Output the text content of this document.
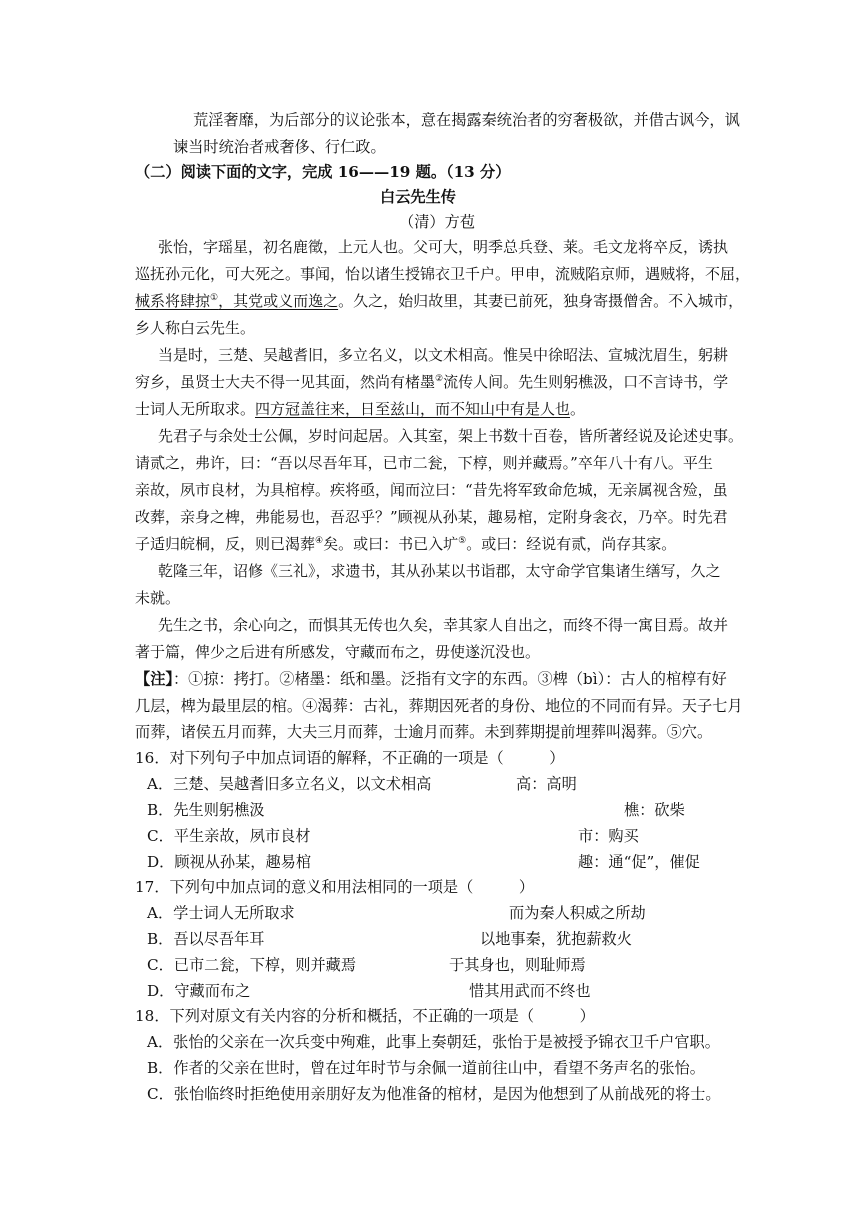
荒淫奢靡，为后部分的议论张本，意在揭露秦统治者的穷奢极欲，并借古讽今，讽
谏当时统治者戒奢侈、行仁政。
（二）阅读下面的文字，完成 16——19 题。（13 分）
白云先生传
（清）方苞
张怡，字瑶星，初名鹿徵，上元人也。父可大，明季总兵登、莱。毛文龙将卒反，诱执
巡抚孙元化，可大死之。事闻，怡以诸生授锦衣卫千户。甲申，流贼陷京师，遇贼将，不屈，
械系将肆掠①，其党或义而逸之。久之，始归故里，其妻已前死，独身寄摄僧舍。不入城市，
乡人称白云先生。
当是时，三楚、吴越耆旧，多立名义，以文术相高。惟吴中徐昭法、宣城沈眉生，躬耕
穷乡，虽贤士大夫不得一见其面，然尚有楮墨②流传人间。先生则躬樵汲，口不言诗书，学
士词人无所取求。四方冠盖往来，日至兹山，而不知山中有是人也。
先君子与余处士公佩，岁时问起居。入其室，架上书数十百卷，皆所著经说及论述史事。
请贰之，弗许，曰：“吾以尽吾年耳，已市二瓮，下椁，则并藏焉。”卒年八十有八。平生
亲故，夙市良材，为具棺椁。疾将亟，闻而泣曰：“昔先将军致命危城，无亲属视含殓，虽
改葬，亲身之椑，弗能易也，吾忍乎？”顾视从孙某，趣易棺，定附身衾衣，乃卒。时先君
子适归皖桐，反，则已渴葬④矣。或曰：书已入圹⑤。或曰：经说有贰，尚存其家。
乾隆三年，诏修《三礼》，求遗书，其从孙某以书诣郡，太守命学官集诸生缮写，久之
未就。
先生之书，余心向之，而惧其无传也久矣，幸其家人自出之，而终不得一寓目焉。故并
著于篇，俾少之后进有所感发，守藏而布之，毋使遂沉没也。
【注】：①掠：拷打。②楮墨：纸和墨。泛指有文字的东西。③椑（bì）：古人的棺椁有好
几层，椑为最里层的棺。④渴葬：古礼，葬期因死者的身份、地位的不同而有异。天子七月
而葬，诸侯五月而葬，大夫三月而葬，士逾月而葬。未到葬期提前埋葬叫渴葬。⑤穴。
16．对下列句子中加点词语的解释，不正确的一项是（　　　）
A．三楚、吴越耆旧多立名义，以文术相高	高：高明
B．先生则躬樵汲	樵：砍柴
C．平生亲故，夙市良材	市：购买
D．顾视从孙某，趣易棺	趣：通“促”，催促
17．下列句中加点词的意义和用法相同的一项是（　　　）
A．学士词人无所取求	而为秦人积威之所劫
B．吾以尽吾年耳	以地事秦，犹抱薪救火
C．已市二瓮，下椁，则并藏焉	于其身也，则耻师焉
D．守藏而布之	惜其用武而不终也
18．下列对原文有关内容的分析和概括，不正确的一项是（　　　）
A．张怡的父亲在一次兵变中殉难，此事上奏朝廷，张怡于是被授予锦衣卫千户官职。
B．作者的父亲在世时，曾在过年时节与余佩一道前往山中，看望不务声名的张怡。
C．张怡临终时拒绝使用亲朋好友为他准备的棺材，是因为他想到了从前战死的将士。
